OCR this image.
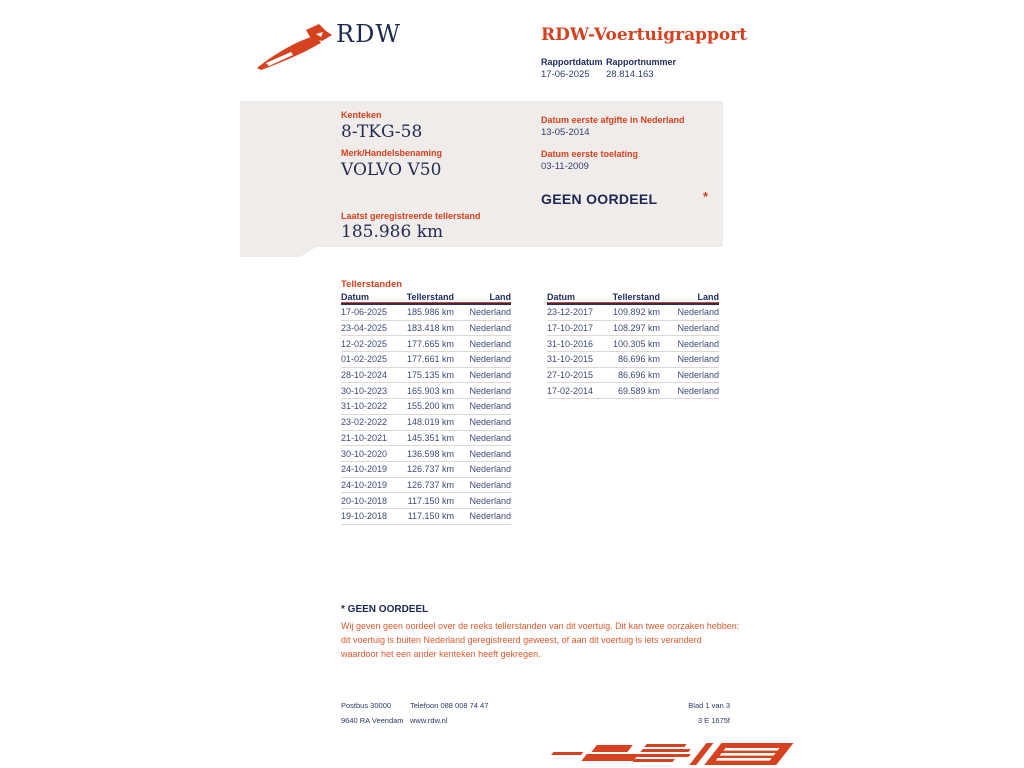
RDW	RDW-Voertuigrapport
Rapportdatum Rapportnummer
17-06-2025 28.814.163
Kenteken
8-TKG-58
Merk/Handelsbenaming
VOLVO V50
Laatst geregistreerde tellerstand
185.986 km
Datum eerste afgifte in Nederland
13-05-2014
Datum eerste toelating
03-11-2009
GEEN OORDEEL	*
Tellerstanden
Datum	Tellerstand	Land
17-06-2025	185.986 km	Nederland
23-04-2025	183.418 km	Nederland
12-02-2025	177.665 km	Nederland
01-02-2025	177.661 km	Nederland
28-10-2024	175.135 km	Nederland
30-10-2023	165.903 km	Nederland
31-10-2022	155.200 km	Nederland
23-02-2022	148.019 km	Nederland
21-10-2021	145.351 km	Nederland
30-10-2020	136.598 km	Nederland
24-10-2019	126.737 km	Nederland
24-10-2019	126.737 km	Nederland
20-10-2018	117.150 km	Nederland
19-10-2018	117.150 km	Nederland
Datum	Tellerstand	Land
23-12-2017	109.892 km	Nederland
17-10-2017	108.297 km	Nederland
31-10-2016	100.305 km	Nederland
31-10-2015	86.696 km	Nederland
27-10-2015	86.696 km	Nederland
17-02-2014	69.589 km	Nederland
* GEEN OORDEEL
Wij geven geen oordeel over de reeks tellerstanden van dit voertuig. Dit kan twee oorzaken hebben: dit voertuig is buiten Nederland geregistreerd geweest, of aan dit voertuig is iets veranderd waardoor het een ander kenteken heeft gekregen.
Postbus 30000
9640 RA Veendam
Telefoon 088 008 74 47
www.rdw.nl
Blad 1 van 3
3 E 1675f
